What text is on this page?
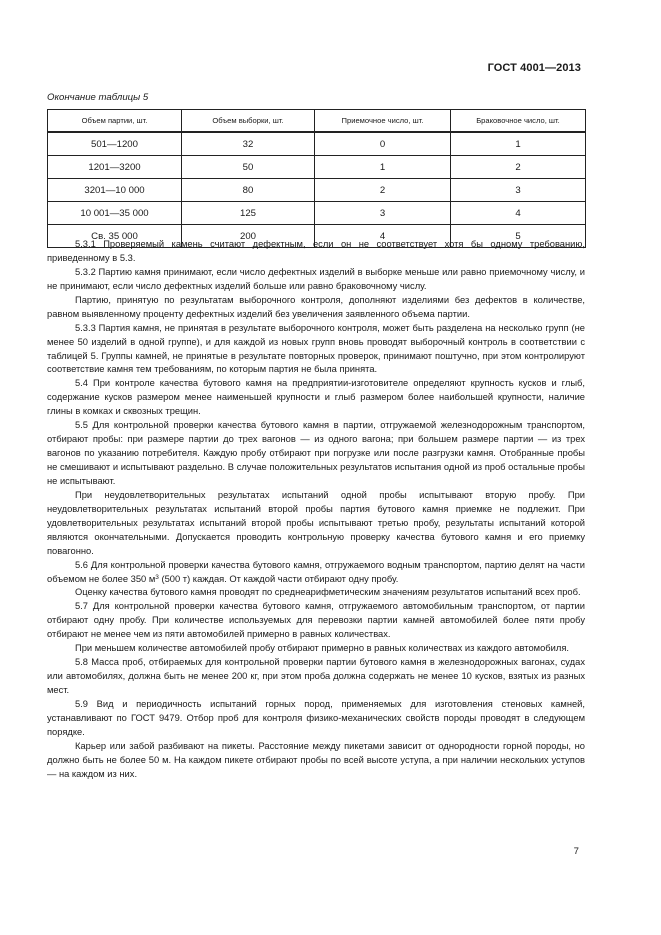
ГОСТ 4001—2013
Окончание таблицы 5
Объем партии, шт.	Объем выборки, шт.	Приемочное число, шт.	Браковочное число, шт.
501—1200	32	0	1
1201—3200	50	1	2
3201—10 000	80	2	3
10 001—35 000	125	3	4
Св. 35 000	200	4	5

5.3.1 Проверяемый камень считают дефектным, если он не соответствует хотя бы одному требованию, приведенному в 5.3.

5.3.2 Партию камня принимают, если число дефектных изделий в выборке меньше или равно приемочному числу, и не принимают, если число дефектных изделий больше или равно браковочному числу.

Партию, принятую по результатам выборочного контроля, дополняют изделиями без дефектов в количестве, равном выявленному проценту дефектных изделий без увеличения заявленного объема партии.

5.3.3 Партия камня, не принятая в результате выборочного контроля, может быть разделена на несколько групп (не менее 50 изделий в одной группе), и для каждой из новых групп вновь проводят выборочный контроль в соответствии с таблицей 5. Группы камней, не принятые в результате повторных проверок, принимают поштучно, при этом контролируют соответствие камня тем требованиям, по которым партия не была принята.

5.4 При контроле качества бутового камня на предприятии-изготовителе определяют крупность кусков и глыб, содержание кусков размером менее наименьшей крупности и глыб размером более наибольшей крупности, наличие глины в комках и сквозных трещин.

5.5 Для контрольной проверки качества бутового камня в партии, отгружаемой железнодорожным транспортом, отбирают пробы: при размере партии до трех вагонов — из одного вагона; при большем размере партии — из трех вагонов по указанию потребителя. Каждую пробу отбирают при погрузке или после разгрузки камня. Отобранные пробы не смешивают и испытывают раздельно. В случае положительных результатов испытания одной из проб остальные пробы не испытывают.

При неудовлетворительных результатах испытаний одной пробы испытывают вторую пробу. При неудовлетворительных результатах испытаний второй пробы партия бутового камня приемке не подлежит. При удовлетворительных результатах испытаний второй пробы испытывают третью пробу, результаты испытаний которой являются окончательными. Допускается проводить контрольную проверку качества бутового камня и его приемку повагонно.

5.6 Для контрольной проверки качества бутового камня, отгружаемого водным транспортом, партию делят на части объемом не более 350 $м^3$ (500 т) каждая. От каждой части отбирают одну пробу.

Оценку качества бутового камня проводят по среднеарифметическим значениям результатов испытаний всех проб.

5.7 Для контрольной проверки качества бутового камня, отгружаемого автомобильным транспортом, от партии отбирают одну пробу. При количестве используемых для перевозки партии камней автомобилей более пяти пробу отбирают не менее чем из пяти автомобилей примерно в равных количествах.

При меньшем количестве автомобилей пробу отбирают примерно в равных количествах из каждого автомобиля.

5.8 Масса проб, отбираемых для контрольной проверки партии бутового камня в железнодорожных вагонах, судах или автомобилях, должна быть не менее 200 кг, при этом проба должна содержать не менее 10 кусков, взятых из разных мест.

5.9 Вид и периодичность испытаний горных пород, применяемых для изготовления стеновых камней, устанавливают по ГОСТ 9479. Отбор проб для контроля физико-механических свойств породы проводят в следующем порядке.

Карьер или забой разбивают на пикеты. Расстояние между пикетами зависит от однородности горной породы, но должно быть не более 50 м. На каждом пикете отбирают пробы по всей высоте уступа, а при наличии нескольких уступов — на каждом из них.

7
